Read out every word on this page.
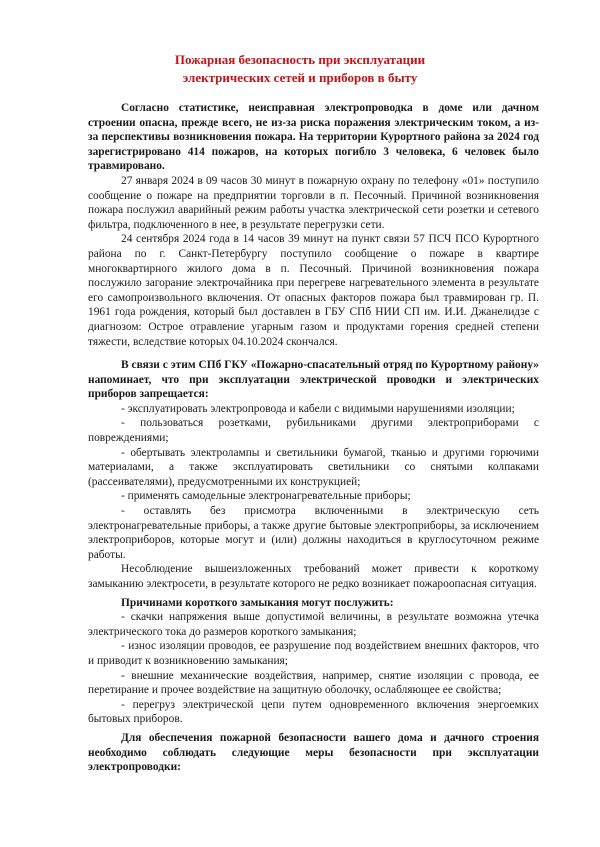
Пожарная безопасность при эксплуатации
электрических сетей и приборов в быту

Согласно статистике, неисправная электропроводка в доме или дачном строении опасна, прежде всего, не из-за риска поражения электрическим током, а из-за перспективы возникновения пожара. На территории Курортного района за 2024 год зарегистрировано 414 пожаров, на которых погибло 3 человека, 6 человек было травмировано.

27 января 2024 в 09 часов 30 минут в пожарную охрану по телефону «01» поступило сообщение о пожаре на предприятии торговли в п. Песочный. Причиной возникновения пожара послужил аварийный режим работы участка электрической сети розетки и сетевого фильтра, подключенного в нее, в результате перегрузки сети.

24 сентября 2024 года в 14 часов 39 минут на пункт связи 57 ПСЧ ПСО Курортного района по г. Санкт-Петербургу поступило сообщение о пожаре в квартире многоквартирного жилого дома в п. Песочный. Причиной возникновения пожара послужило загорание электрочайника при перегреве нагревательного элемента в результате его самопроизвольного включения. От опасных факторов пожара был травмирован гр. П. 1961 года рождения, который был доставлен в ГБУ СПб НИИ СП им. И.И. Джанелидзе с диагнозом: Острое отравление угарным газом и продуктами горения средней степени тяжести, вследствие которых 04.10.2024 скончался.

В связи с этим СПб ГКУ «Пожарно-спасательный отряд по Курортному району» напоминает, что при эксплуатации электрической проводки и электрических приборов запрещается:

- эксплуатировать электропровода и кабели с видимыми нарушениями изоляции;

- пользоваться розетками, рубильниками другими электроприборами с повреждениями;

- обертывать электролампы и светильники бумагой, тканью и другими горючими материалами, а также эксплуатировать светильники со снятыми колпаками (рассеивателями), предусмотренными их конструкцией;

- применять самодельные электронагревательные приборы;

- оставлять без присмотра включенными в электрическую сеть электронагревательные приборы, а также другие бытовые электроприборы, за исключением электроприборов, которые могут и (или) должны находиться в круглосуточном режиме работы.

Несоблюдение вышеизложенных требований может привести к короткому замыканию электросети, в результате которого не редко возникает пожароопасная ситуация.

Причинами короткого замыкания могут послужить:

- скачки напряжения выше допустимой величины, в результате возможна утечка электрического тока до размеров короткого замыкания;

- износ изоляции проводов, ее разрушение под воздействием внешних факторов, что и приводит к возникновению замыкания;

- внешние механические воздействия, например, снятие изоляции с провода, ее перетирание и прочее воздействие на защитную оболочку, ослабляющее ее свойства;

- перегруз электрической цепи путем одновременного включения энергоемких бытовых приборов.

Для обеспечения пожарной безопасности вашего дома и дачного строения необходимо соблюдать следующие меры безопасности при эксплуатации электропроводки:
